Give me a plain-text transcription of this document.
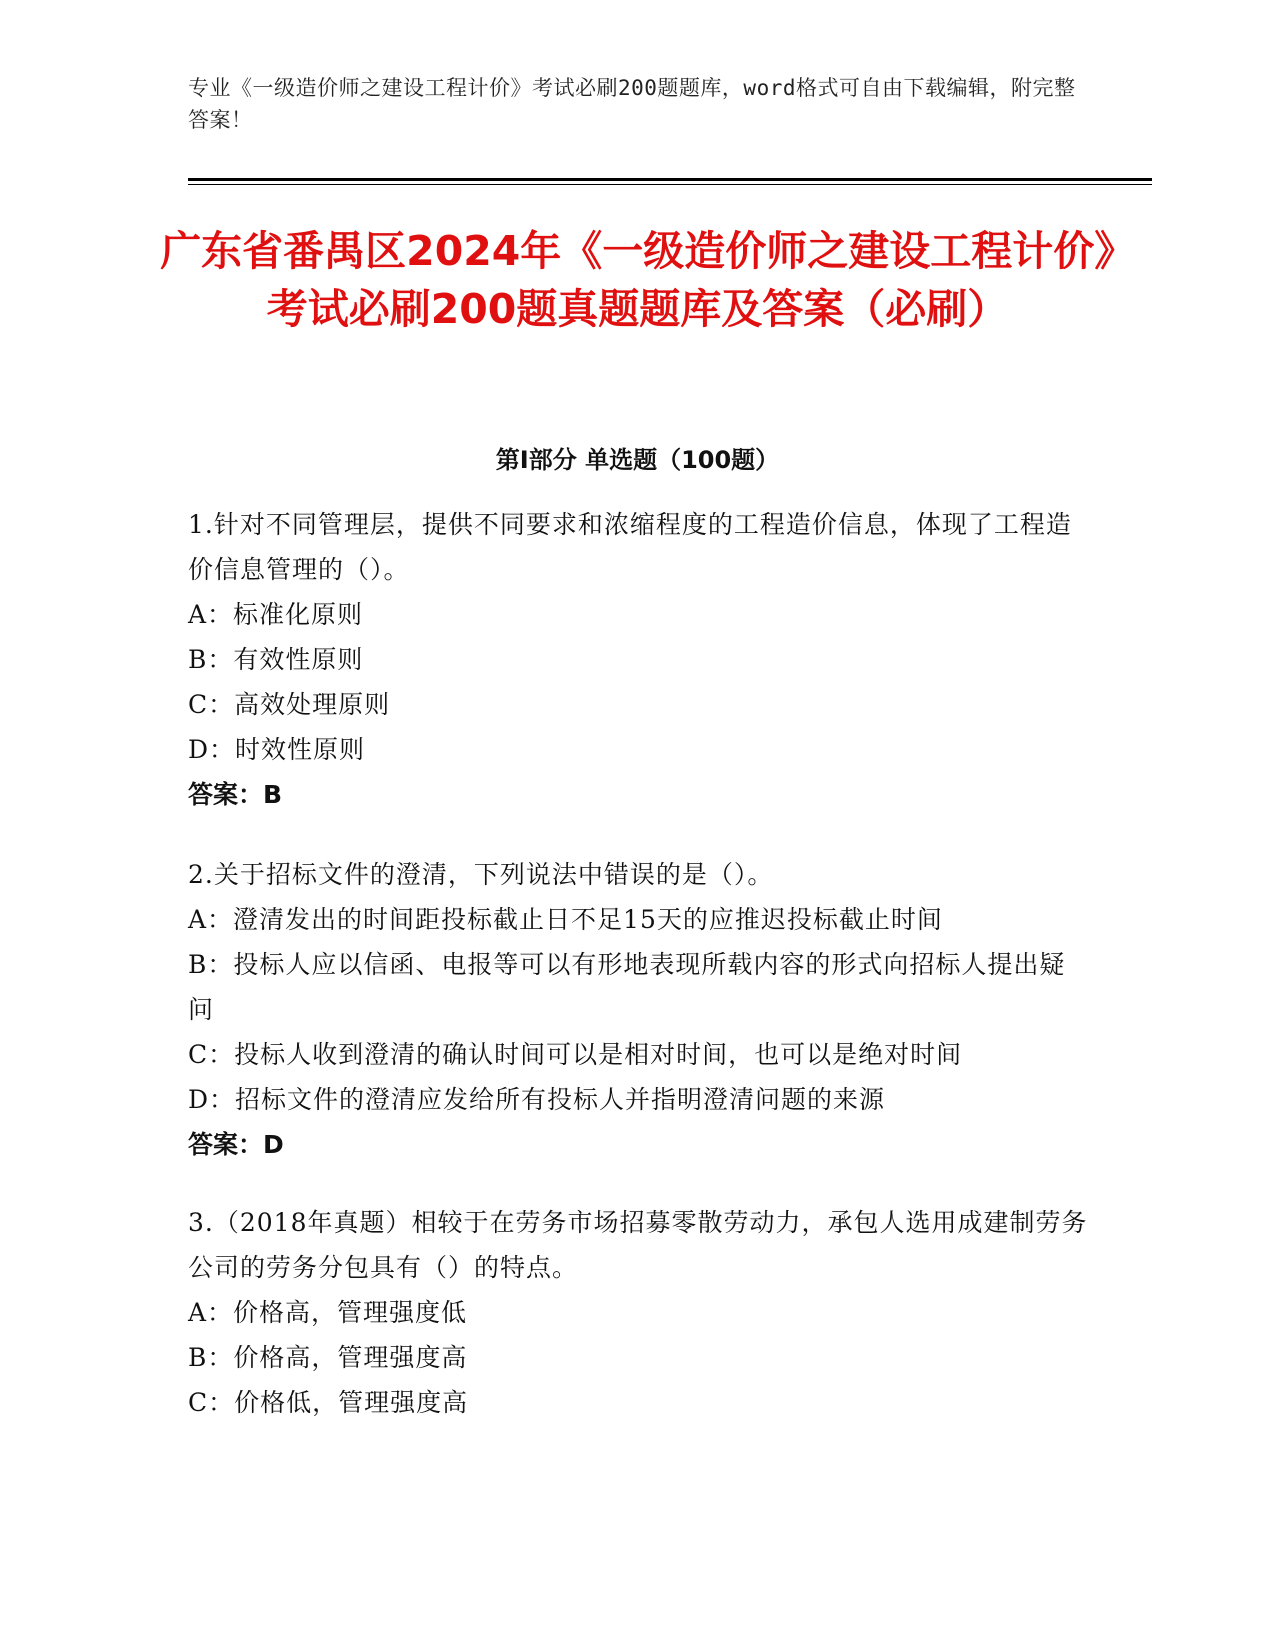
专业《一级造价师之建设工程计价》考试必刷200题题库，word格式可自由下载编辑，附完整答案！
广东省番禺区2024年《一级造价师之建设工程计价》考试必刷200题真题题库及答案（必刷）
第Ⅰ部分 单选题（100题）
1.针对不同管理层，提供不同要求和浓缩程度的工程造价信息，体现了工程造价信息管理的（）。
A：标准化原则
B：有效性原则
C：高效处理原则
D：时效性原则
答案：B
2.关于招标文件的澄清，下列说法中错误的是（）。
A：澄清发出的时间距投标截止日不足15天的应推迟投标截止时间
B：投标人应以信函、电报等可以有形地表现所载内容的形式向招标人提出疑问
C：投标人收到澄清的确认时间可以是相对时间，也可以是绝对时间
D：招标文件的澄清应发给所有投标人并指明澄清问题的来源
答案：D
3.（2018年真题）相较于在劳务市场招募零散劳动力，承包人选用成建制劳务公司的劳务分包具有（）的特点。
A：价格高，管理强度低
B：价格高，管理强度高
C：价格低，管理强度高
